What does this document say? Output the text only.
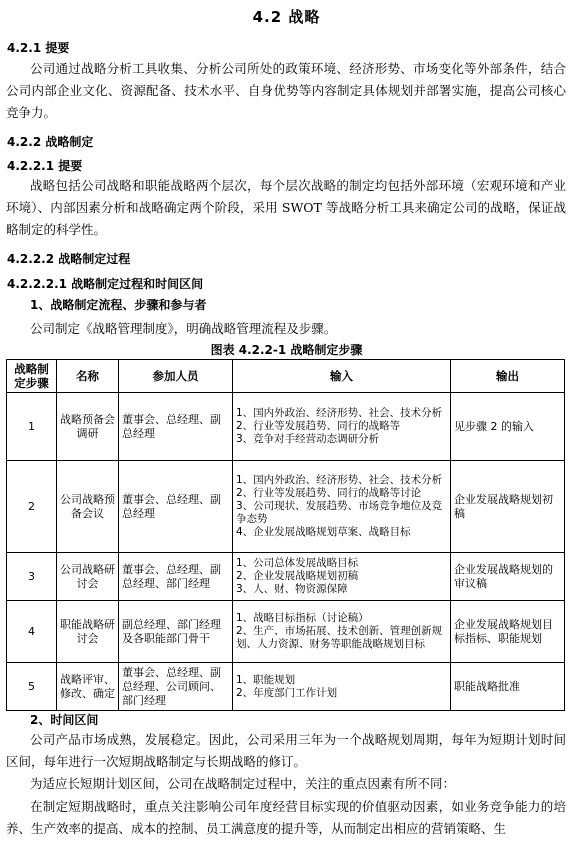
4.2 战略
4.2.1 提要

公司通过战略分析工具收集、分析公司所处的政策环境、经济形势、市场变化等外部条件，结合公司内部企业文化、资源配备、技术水平、自身优势等内容制定具体规划并部署实施，提高公司核心竞争力。

4.2.2 战略制定
4.2.2.1 提要

战略包括公司战略和职能战略两个层次，每个层次战略的制定均包括外部环境（宏观环境和产业环境）、内部因素分析和战略确定两个阶段，采用 SWOT 等战略分析工具来确定公司的战略，保证战略制定的科学性。

4.2.2.2 战略制定过程
4.2.2.2.1 战略制定过程和时间区间
1、战略制定流程、步骤和参与者
公司制定《战略管理制度》，明确战略管理流程及步骤。
图表 4.2.2-1 战略制定步骤
战略制定步骤	名称	参加人员	输入	输出
1	战略预备会调研	董事会、总经理、副总经理	1、国内外政治、经济形势、社会、技术分析
2、行业等发展趋势、同行的战略等
3、竞争对手经营动态调研分析	见步骤 2 的输入
2	公司战略预备会议	董事会、总经理、副总经理	1、国内外政治、经济形势、社会、技术分析
2、行业等发展趋势、同行的战略等讨论
3、公司现状、发展趋势、市场竞争地位及竞争态势
4、企业发展战略规划草案、战略目标	企业发展战略规划初稿
3	公司战略研讨会	董事会、总经理、副总经理、部门经理	1、公司总体发展战略目标
2、企业发展战略规划初稿
3、人、财、物资源保障	企业发展战略规划的审议稿
4	职能战略研讨会	副总经理、部门经理及各职能部门骨干	1、战略目标指标（讨论稿）
2、生产、市场拓展、技术创新、管理创新规划、人力资源、财务等职能战略规划目标	企业发展战略规划目标指标、职能规划
5	战略评审、修改、确定	董事会、总经理、副总经理、公司顾问、部门经理	1、职能规划
2、年度部门工作计划	职能战略批准
2、时间区间

公司产品市场成熟，发展稳定。因此，公司采用三年为一个战略规划周期，每年为短期计划时间区间，每年进行一次短期战略制定与长期战略的修订。

为适应长短期计划区间，公司在战略制定过程中，关注的重点因素有所不同：

在制定短期战略时，重点关注影响公司年度经营目标实现的价值驱动因素，如业务竞争能力的培养、生产效率的提高、成本的控制、员工满意度的提升等，从而制定出相应的营销策略、生
